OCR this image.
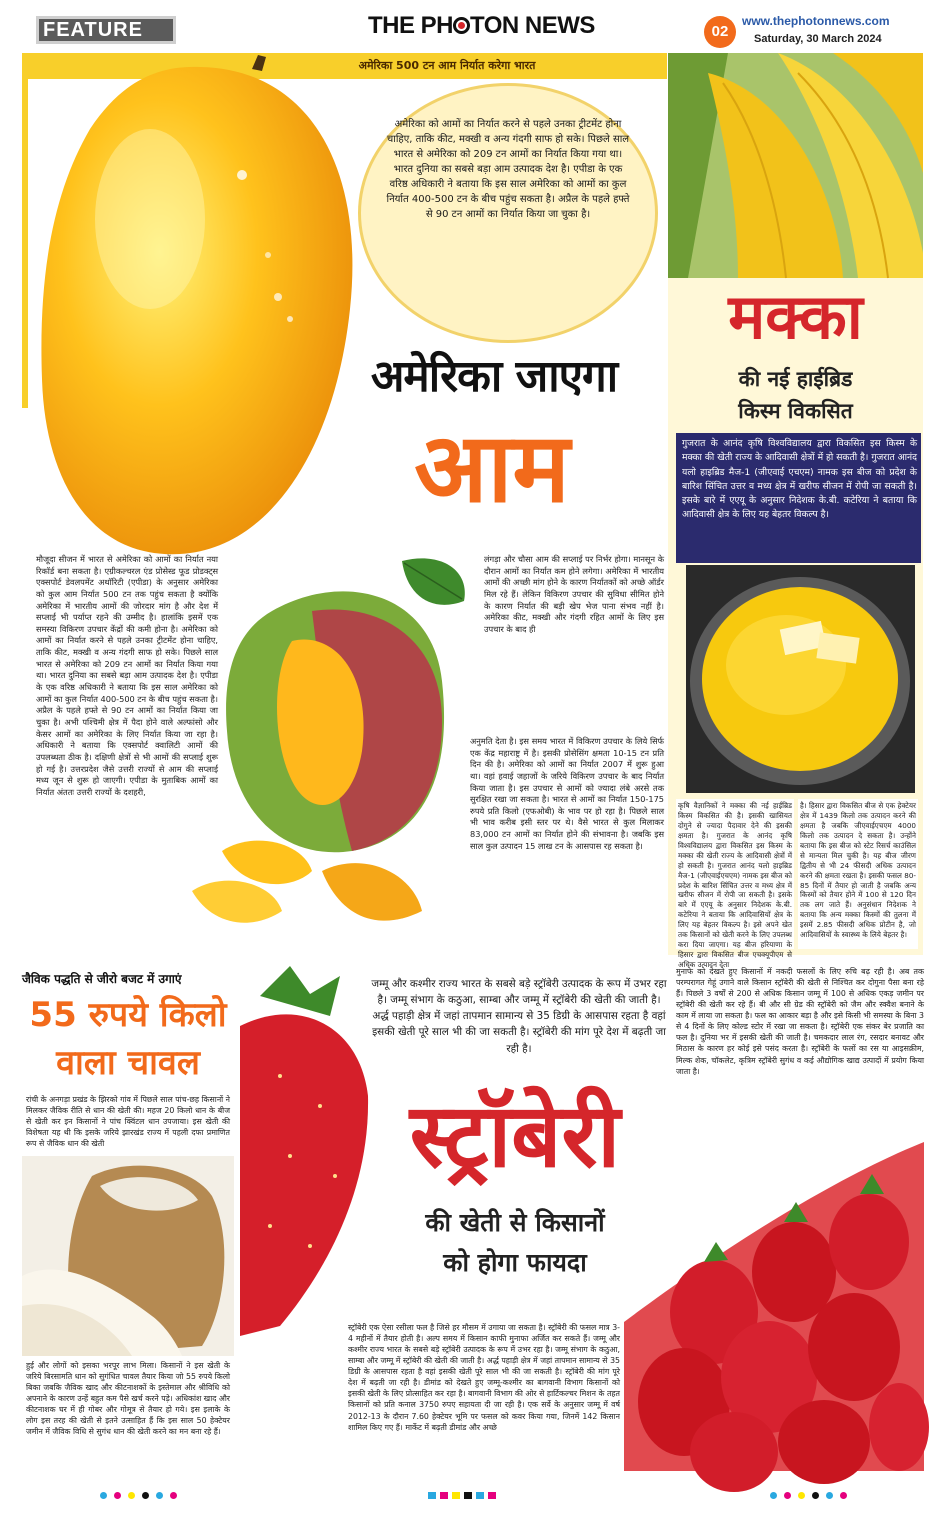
FEATURE	THE PH TON NEWS	02
www.thephotonnews.com
Saturday, 30 March 2024
अमेरिका 500 टन आम निर्यात करेगा भारत
अमेरिका को आमों का निर्यात करने से पहले उनका ट्रीटमेंट होना चाहिए, ताकि कीट, मक्खी व अन्य गंदगी साफ हो सके। पिछले साल भारत से अमेरिका को 209 टन आमों का निर्यात किया गया था। भारत दुनिया का सबसे बड़ा आम उत्पादक देश है। एपीडा के एक वरिष्ठ अधिकारी ने बताया कि इस साल अमेरिका को आमों का कुल निर्यात 400-500 टन के बीच पहुंच सकता है। अप्रैल के पहले हफ्ते से 90 टन आमों का निर्यात किया जा चुका है।
अमेरिका जाएगा
आम
मौजूदा सीजन में भारत से अमेरिका को आमों का निर्यात नया रिकॉर्ड बना सकता है। एग्रीकल्चरल एंड प्रोसेस्ड फूड प्रोडक्ट्स एक्सपोर्ट डेवलपमेंट अथॉरिटी (एपीडा) के अनुसार अमेरिका को कुल आम निर्यात 500 टन तक पहुंच सकता है क्योंकि अमेरिका में भारतीय आमों की जोरदार मांग है और देश में सप्लाई भी पर्याप्त रहने की उम्मीद है। हालांकि इसमें एक समस्या विकिरण उपचार केंद्रों की कमी होना है। अमेरिका को आमों का निर्यात करने से पहले उनका ट्रीटमेंट होना चाहिए, ताकि कीट, मक्खी व अन्य गंदगी साफ हो सके। पिछले साल भारत से अमेरिका को 209 टन आमों का निर्यात किया गया था। भारत दुनिया का सबसे बड़ा आम उत्पादक देश है। एपीडा के एक वरिष्ठ अधिकारी ने बताया कि इस साल अमेरिका को आमों का कुल निर्यात 400-500 टन के बीच पहुंच सकता है। अप्रैल के पहले हफ्ते से 90 टन आमों का निर्यात किया जा चुका है। अभी पश्चिमी क्षेत्र में पैदा होने वाले अल्फांसो और केसर आमों का अमेरिका के लिए निर्यात किया जा रहा है। अधिकारी ने बताया कि एक्सपोर्ट क्वालिटी आमों की उपलब्धता ठीक है। दक्षिणी क्षेत्रों से भी आमों की सप्लाई शुरू हो गई है। उत्तरप्रदेश जैसे उत्तरी राज्यों से आम की सप्लाई मध्य जून से शुरू हो जाएगी। एपीडा के मुताबिक आमों का निर्यात अंततः उत्तरी राज्यों के दशहरी,
लंगड़ा और चौसा आम की सप्लाई पर निर्भर होगा। मानसून के दौरान आमों का निर्यात कम होने लगेगा। अमेरिका में भारतीय आमों की अच्छी मांग होने के कारण निर्यातकों को अच्छे ऑर्डर मिल रहे हैं। लेकिन विकिरण उपचार की सुविधा सीमित होने के कारण निर्यात की बड़ी खेप भेज पाना संभव नहीं है। अमेरिका कीट, मक्खी और गंदगी रहित आमों के लिए इस उपचार के बाद ही
अनुमति देता है। इस समय भारत में विकिरण उपचार के लिये सिर्फ एक केंद्र महाराष्ट्र में है। इसकी प्रोसेसिंग क्षमता 10-15 टन प्रति दिन की है। अमेरिका को आमों का निर्यात 2007 में शुरू हुआ था। वहां हवाई जहाजों के जरिये विकिरण उपचार के बाद निर्यात किया जाता है। इस उपचार से आमों को ज्यादा लंबे अरसे तक सुरक्षित रखा जा सकता है। भारत से आमों का निर्यात 150-175 रुपये प्रति किलो (एफओबी) के भाव पर हो रहा है। पिछले साल भी भाव करीब इसी स्तर पर थे। वैसे भारत से कुल मिलाकर 83,000 टन आमों का निर्यात होने की संभावना है। जबकि इस साल कुल उत्पादन 15 लाख टन के आसपास रह सकता है।
मक्का
की नई हाईब्रिड
किस्म विकसित
गुजरात के आनंद कृषि विश्वविद्यालय द्वारा विकसित इस किस्म के मक्का की खेती राज्य के आदिवासी क्षेत्रों में हो सकती है। गुजरात आनंद यलो हाइब्रिड मैज-1 (जीएवाई एचएम) नामक इस बीज को प्रदेश के बारिश सिंचित उत्तर व मध्य क्षेत्र में खरीफ सीजन में रोपी जा सकती है। इसके बारे में एएयू के अनुसार निदेशक के.बी. कटेरिया ने बताया कि आदिवासी क्षेत्र के लिए यह बेहतर विकल्प है।
कृषि वैज्ञानिकों ने मक्का की नई हाईब्रिड किस्म विकसित की है। इसकी खासियत दोगुने से ज्यादा पैदावार देने की इसकी क्षमता है। गुजरात के आनंद कृषि विश्वविद्यालय द्वारा विकसित इस किस्म के मक्का की खेती राज्य के आदिवासी क्षेत्रों में हो सकती है। गुजरात आनंद यलो हाइब्रिड मैज-1 (जीएवाईएचएम) नामक इस बीज को प्रदेश के बारिश सिंचित उत्तर व मध्य क्षेत्र में खरीफ सीजन में रोपी जा सकती है। इसके बारे में एएयू के अनुसार निदेशक के.बी. कटेरिया ने बताया कि आदिवासियों क्षेत्र के लिए यह बेहतर विकल्प है। इसे अपने खेत तक किसानों को खेती करने के लिए उपलब्ध करा दिया जाएगा। यह बीज हरियाणा के हिसार द्वारा विकसित बीज एचक्यूपीएम से अधिक उत्पादन देता
है। हिसार द्वारा विकसित बीज से एक हेक्टेयर क्षेत्र में 1439 किलो तक उत्पादन करने की क्षमता है जबकि जीएवाईएचएम 4000 किलो तक उत्पादन दे सकता है। उन्होंने बताया कि इस बीज को स्टेट रिसर्च काउंसिल से मान्यता मिल चुकी है। यह बीज जीरण द्वितीय से भी 24 फीसदी अधिक उत्पादन करने की क्षमता रखता है। इसकी फसल 80-85 दिनों में तैयार हो जाती है जबकि अन्य किस्मों को तैयार होने में 100 से 120 दिन तक लग जाते हैं। अनुसंधान निदेशक ने बताया कि अन्य मक्का किस्मों की तुलना में इसमें 2.85 फीसदी अधिक प्रोटीन है, जो आदिवासियों के स्वास्थ्य के लिये बेहतर है।
जैविक पद्धति से जीरो बजट में उगाएं
55 रुपये किलो
वाला चावल
रांची के अनगड़ा प्रखंड के झिरको गांव में पिछले साल पांच-छह किसानों ने मिलकर जैविक रीति से धान की खेती की। महज 20 किलो धान के बीज से खेती कर इन किसानों ने पांच क्विंटल धान उपजाया। इस खेती की विशेषता यह थी कि इसके जरिये झारखंड राज्य में पहली दफा प्रमाणित रूप से जैविक धान की खेती
हुई और लोगों को इसका भरपूर लाभ मिला। किसानों ने इस खेती के जरिये बिरसामति धान को सुगंधित चावल तैयार किया जो 55 रुपये किलो बिका जबकि जैविक खाद और कीटनाशकों के इस्तेमाल और श्रीविधि को अपनाने के कारण उन्हें बहुत कम पैसे खर्च करने पड़े। अधिकांश खाद और कीटनाशक घर में ही गोबर और गोमूत्र से तैयार हो गये। इस इलाके के लोग इस तरह की खेती से इतने उत्साहित हैं कि इस साल 50 हेक्टेयर जमीन में जैविक विधि से सुगंध धान की खेती करने का मन बना रहे हैं।
जम्मू और कश्मीर राज्य भारत के सबसे बड़े स्ट्रॉबेरी उत्पादक के रूप में उभर रहा है। जम्मू संभाग के कठुआ, साम्बा और जम्मू में स्ट्रॉबेरी की खेती की जाती है। अर्द्ध पहाड़ी क्षेत्र में जहां तापमान सामान्य से 35 डिग्री के आसपास रहता है वहां इसकी खेती पूरे साल भी की जा सकती है। स्ट्रॉबेरी की मांग पूरे देश में बढ़ती जा रही है।
मुनाफे को देखते हुए किसानों में नकदी फसलों के लिए रुचि बढ़ रही है। अब तक परम्परागत गेहूं उगाने वाले किसान स्ट्रॉबेरी की खेती से निश्चित कर दोगुना पैसा बना रहे हैं। पिछले 3 वर्षों से 200 से अधिक किसान जम्मू में 100 से अधिक एकड़ जमीन पर स्ट्रॉबेरी की खेती कर रहे हैं। बी और सी ग्रेड की स्ट्रॉबेरी को जैम और स्क्वैश बनाने के काम में लाया जा सकता है। फल का आकार बड़ा है और इसे किसी भी समस्या के बिना 3 से 4 दिनों के लिए कोल्ड स्टोर में रखा जा सकता है। स्ट्रॉबेरी एक संकर बेर प्रजाति का फल है। दुनिया भर में इसकी खेती की जाती है। चमकदार लाल रंग, रसदार बनावट और मिठास के कारण हर कोई इसे पसंद करता है। स्ट्रॉबेरी के फलों का रस या आइसक्रीम, मिल्क शेक, चॉकलेट, कृत्रिम स्ट्रॉबेरी सुगंध व कई औद्योगिक खाद्य उत्पादों में प्रयोग किया जाता है।
स्ट्रॉबेरी
की खेती से किसानों
को होगा फायदा
स्ट्रॉबेरी एक ऐसा रसीला फल है जिसे हर मौसम में उगाया जा सकता है। स्ट्रॉबेरी की फसल मात्र 3-4 महीनों में तैयार होती है। अल्प समय में किसान काफी मुनाफा अर्जित कर सकते हैं। जम्मू और कश्मीर राज्य भारत के सबसे बड़े स्ट्रॉबेरी उत्पादक के रूप में उभर रहा है। जम्मू संभाग के कठुआ, साम्बा और जम्मू में स्ट्रॉबेरी की खेती की जाती है। अर्द्ध पहाड़ी क्षेत्र में जहां तापमान सामान्य से 35 डिग्री के आसपास रहता है वहां इसकी खेती पूरे साल भी की जा सकती है। स्ट्रॉबेरी की मांग पूरे देश में बढ़ती जा रही है। डीमांड को देखते हुए जम्मू-कश्मीर का बागवानी विभाग किसानों को इसकी खेती के लिए प्रोत्साहित कर रहा है। बागवानी विभाग की ओर से हार्टिकल्चर मिशन के तहत किसानों को प्रति कनाल 3750 रुपए सहायता दी जा रही है। एक सर्वे के अनुसार जम्मू में वर्ष 2012-13 के दौरान 7.60 हेक्टेयर भूमि पर फसल को कवर किया गया, जिनमें 142 किसान शामिल किए गए हैं। मार्केट में बढ़ती डीमांड और अच्छे
